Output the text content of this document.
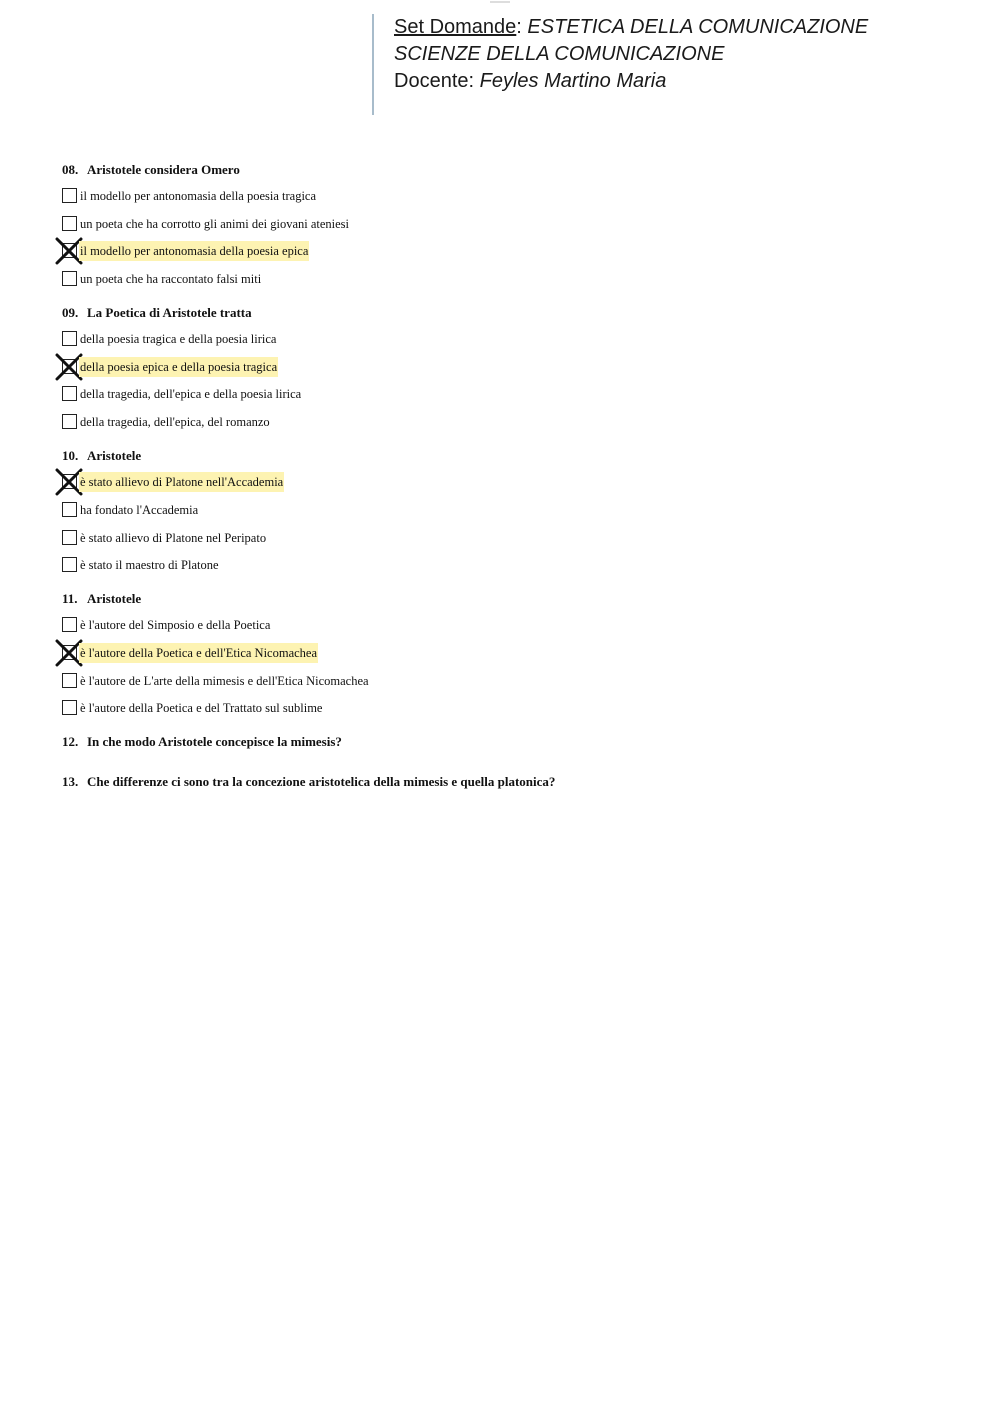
Set Domande: ESTETICA DELLA COMUNICAZIONE
SCIENZE DELLA COMUNICAZIONE
Docente: Feyles Martino Maria
08. Aristotele considera Omero
il modello per antonomasia della poesia tragica
un poeta che ha corrotto gli animi dei giovani ateniesi
il modello per antonomasia della poesia epica
un poeta che ha raccontato falsi miti
09. La Poetica di Aristotele tratta
della poesia tragica e della poesia lirica
della poesia epica e della poesia tragica
della tragedia, dell'epica e della poesia lirica
della tragedia, dell'epica, del romanzo
10. Aristotele
è stato allievo di Platone nell'Accademia
ha fondato l'Accademia
è stato allievo di Platone nel Peripato
è stato il maestro di Platone
11. Aristotele
è l'autore del Simposio e della Poetica
è l'autore della Poetica e dell'Etica Nicomachea
è l'autore de L'arte della mimesis e dell'Etica Nicomachea
è l'autore della Poetica e del Trattato sul sublime
12. In che modo Aristotele concepisce la mimesis?
13. Che differenze ci sono tra la concezione aristotelica della mimesis e quella platonica?
